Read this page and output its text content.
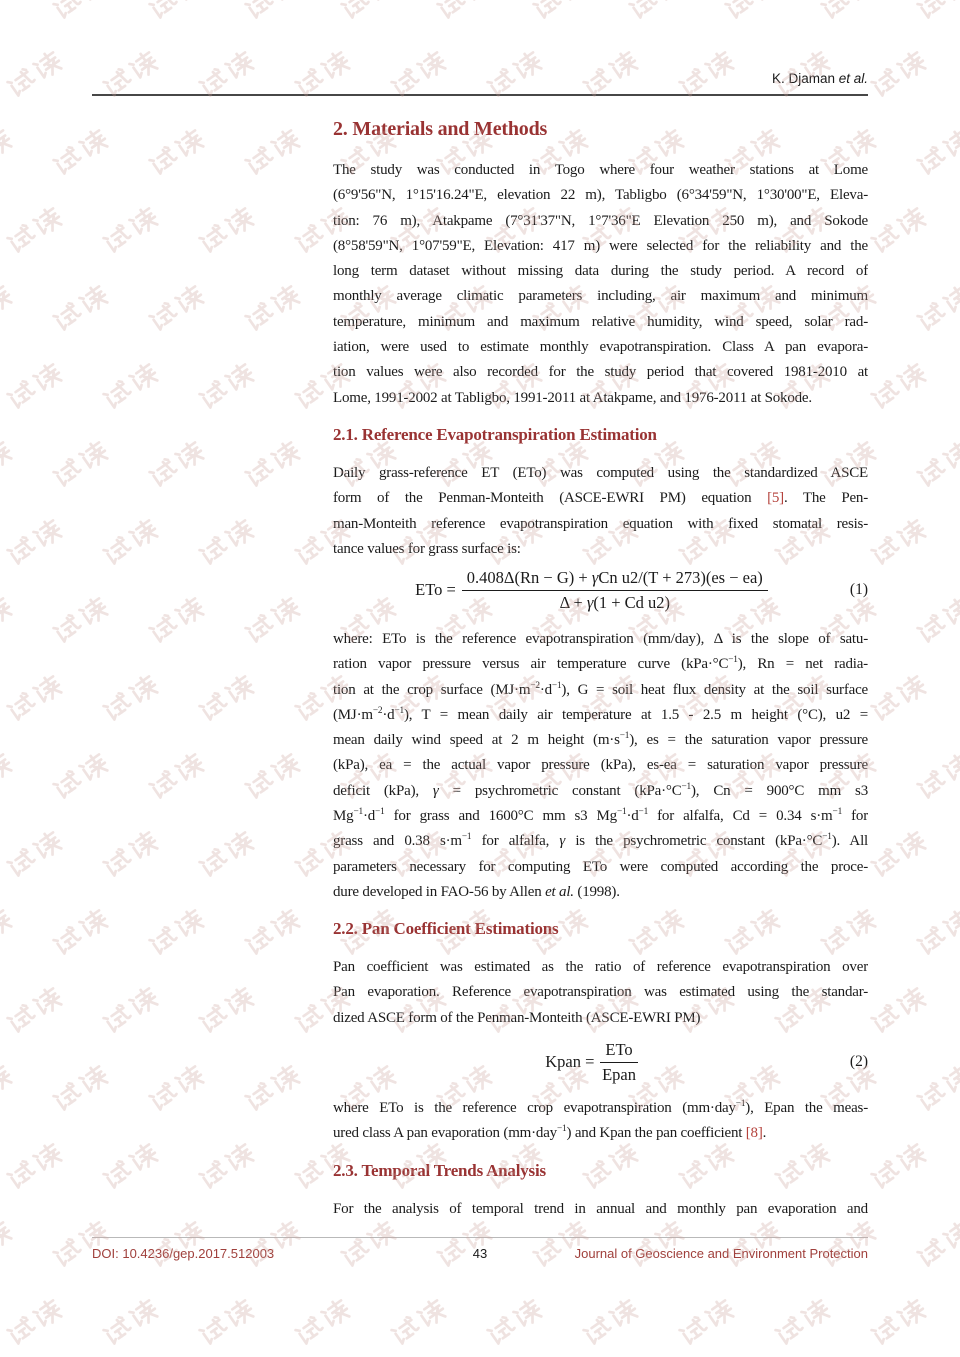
K. Djaman et al.
2. Materials and Methods
The study was conducted in Togo where four weather stations at Lome
(6°9'56"N, 1°15'16.24"E, elevation 22 m), Tabligbo (6°34'59"N, 1°30'00"E, Eleva-
tion: 76 m), Atakpame (7°31'37"N, 1°7'36"E Elevation 250 m), and Sokode
(8°58'59"N, 1°07'59"E, Elevation: 417 m) were selected for the reliability and the
long term dataset without missing data during the study period. A record of
monthly average climatic parameters including, air maximum and minimum
temperature, minimum and maximum relative humidity, wind speed, solar rad-
iation, were used to estimate monthly evapotranspiration. Class A pan evapora-
tion values were also recorded for the study period that covered 1981-2010 at
Lome, 1991-2002 at Tabligbo, 1991-2011 at Atakpame, and 1976-2011 at Sokode.
2.1. Reference Evapotranspiration Estimation
Daily grass-reference ET (ETo) was computed using the standardized ASCE
form of the Penman-Monteith (ASCE-EWRI PM) equation [5]. The Pen-
man-Monteith reference evapotranspiration equation with fixed stomatal resis-
tance values for grass surface is:
ETo = $\frac{\text{0.408Δ(Rn − G) + γCn u2/(T + 273)(es − ea)}}{\text{Δ + γ(1 + Cd u2)}}$	(1)
where: ETo is the reference evapotranspiration (mm/day), Δ is the slope of satu-
ration vapor pressure versus air temperature curve $(kPa\cdot^\circ C^{-1})$, Rn = net radia-
tion at the crop surface $(MJ\cdot m^{-2}\cdot d^{-1})$, G = soil heat flux density at the soil surface
$(MJ\cdot m^{-2}\cdot d^{-1})$, T = mean daily air temperature at 1.5 - 2.5 m height (°C), u2 =
mean daily wind speed at 2 m height $(m\cdot s^{-1})$, es = the saturation vapor pressure
(kPa), ea = the actual vapor pressure (kPa), es-ea = saturation vapor pressure
deficit (kPa), γ = psychrometric constant $(kPa\cdot^\circ C^{-1})$, Cn = 900°C mm s3
$Mg^{-1}\cdot d^{-1}$ for grass and 1600°C mm s3 $Mg^{-1}\cdot d^{-1}$ for alfalfa, Cd = 0.34 $s\cdot m^{-1}$ for
grass and 0.38 $s\cdot m^{-1}$ for alfalfa, γ is the psychrometric constant $(kPa\cdot^\circ C^{-1})$. All
parameters necessary for computing ETo were computed according the proce-
dure developed in FAO-56 by Allen et al. (1998).
2.2. Pan Coefficient Estimations
Pan coefficient was estimated as the ratio of reference evapotranspiration over
Pan evaporation. Reference evapotranspiration was estimated using the standar-
dized ASCE form of the Penman-Monteith (ASCE-EWRI PM)
Kpan = $\frac{\text{ETo}}{\text{Epan}}$	(2)
where ETo is the reference crop evapotranspiration (mm·day$^{-1}$), Epan the meas-
ured class A pan evaporation (mm·day$^{-1}$) and Kpan the pan coefficient [8].
2.3. Temporal Trends Analysis
For the analysis of temporal trend in annual and monthly pan evaporation and
DOI: 10.4236/gep.2017.512003	43	Journal of Geoscience and Environment Protection
